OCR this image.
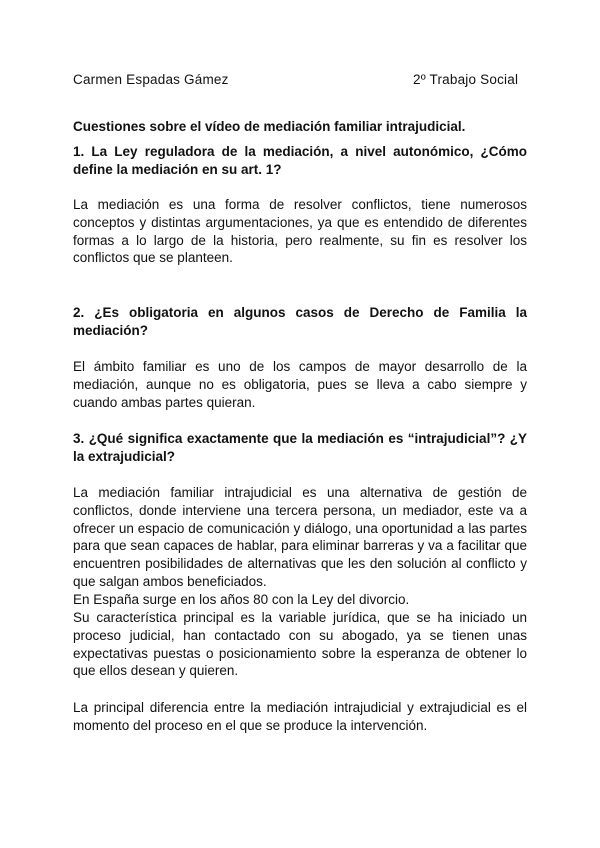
Carmen Espadas Gámez	2º Trabajo Social

Cuestiones sobre el vídeo de mediación familiar intrajudicial.

1. La Ley reguladora de la mediación, a nivel autonómico, ¿Cómo define la mediación en su art. 1?

La mediación es una forma de resolver conflictos, tiene numerosos conceptos y distintas argumentaciones, ya que es entendido de diferentes formas a lo largo de la historia, pero realmente, su fin es resolver los conflictos que se planteen.

2. ¿Es obligatoria en algunos casos de Derecho de Familia la mediación?

El ámbito familiar es uno de los campos de mayor desarrollo de la mediación, aunque no es obligatoria, pues se lleva a cabo siempre y cuando ambas partes quieran.

3. ¿Qué significa exactamente que la mediación es “intrajudicial”? ¿Y la extrajudicial?

La mediación familiar intrajudicial es una alternativa de gestión de conflictos, donde interviene una tercera persona, un mediador, este va a ofrecer un espacio de comunicación y diálogo, una oportunidad a las partes para que sean capaces de hablar, para eliminar barreras y va a facilitar que encuentren posibilidades de alternativas que les den solución al conflicto y que salgan ambos beneficiados.

En España surge en los años 80 con la Ley del divorcio.

Su característica principal es la variable jurídica, que se ha iniciado un proceso judicial, han contactado con su abogado, ya se tienen unas expectativas puestas o posicionamiento sobre la esperanza de obtener lo que ellos desean y quieren.

La principal diferencia entre la mediación intrajudicial y extrajudicial es el momento del proceso en el que se produce la intervención.
